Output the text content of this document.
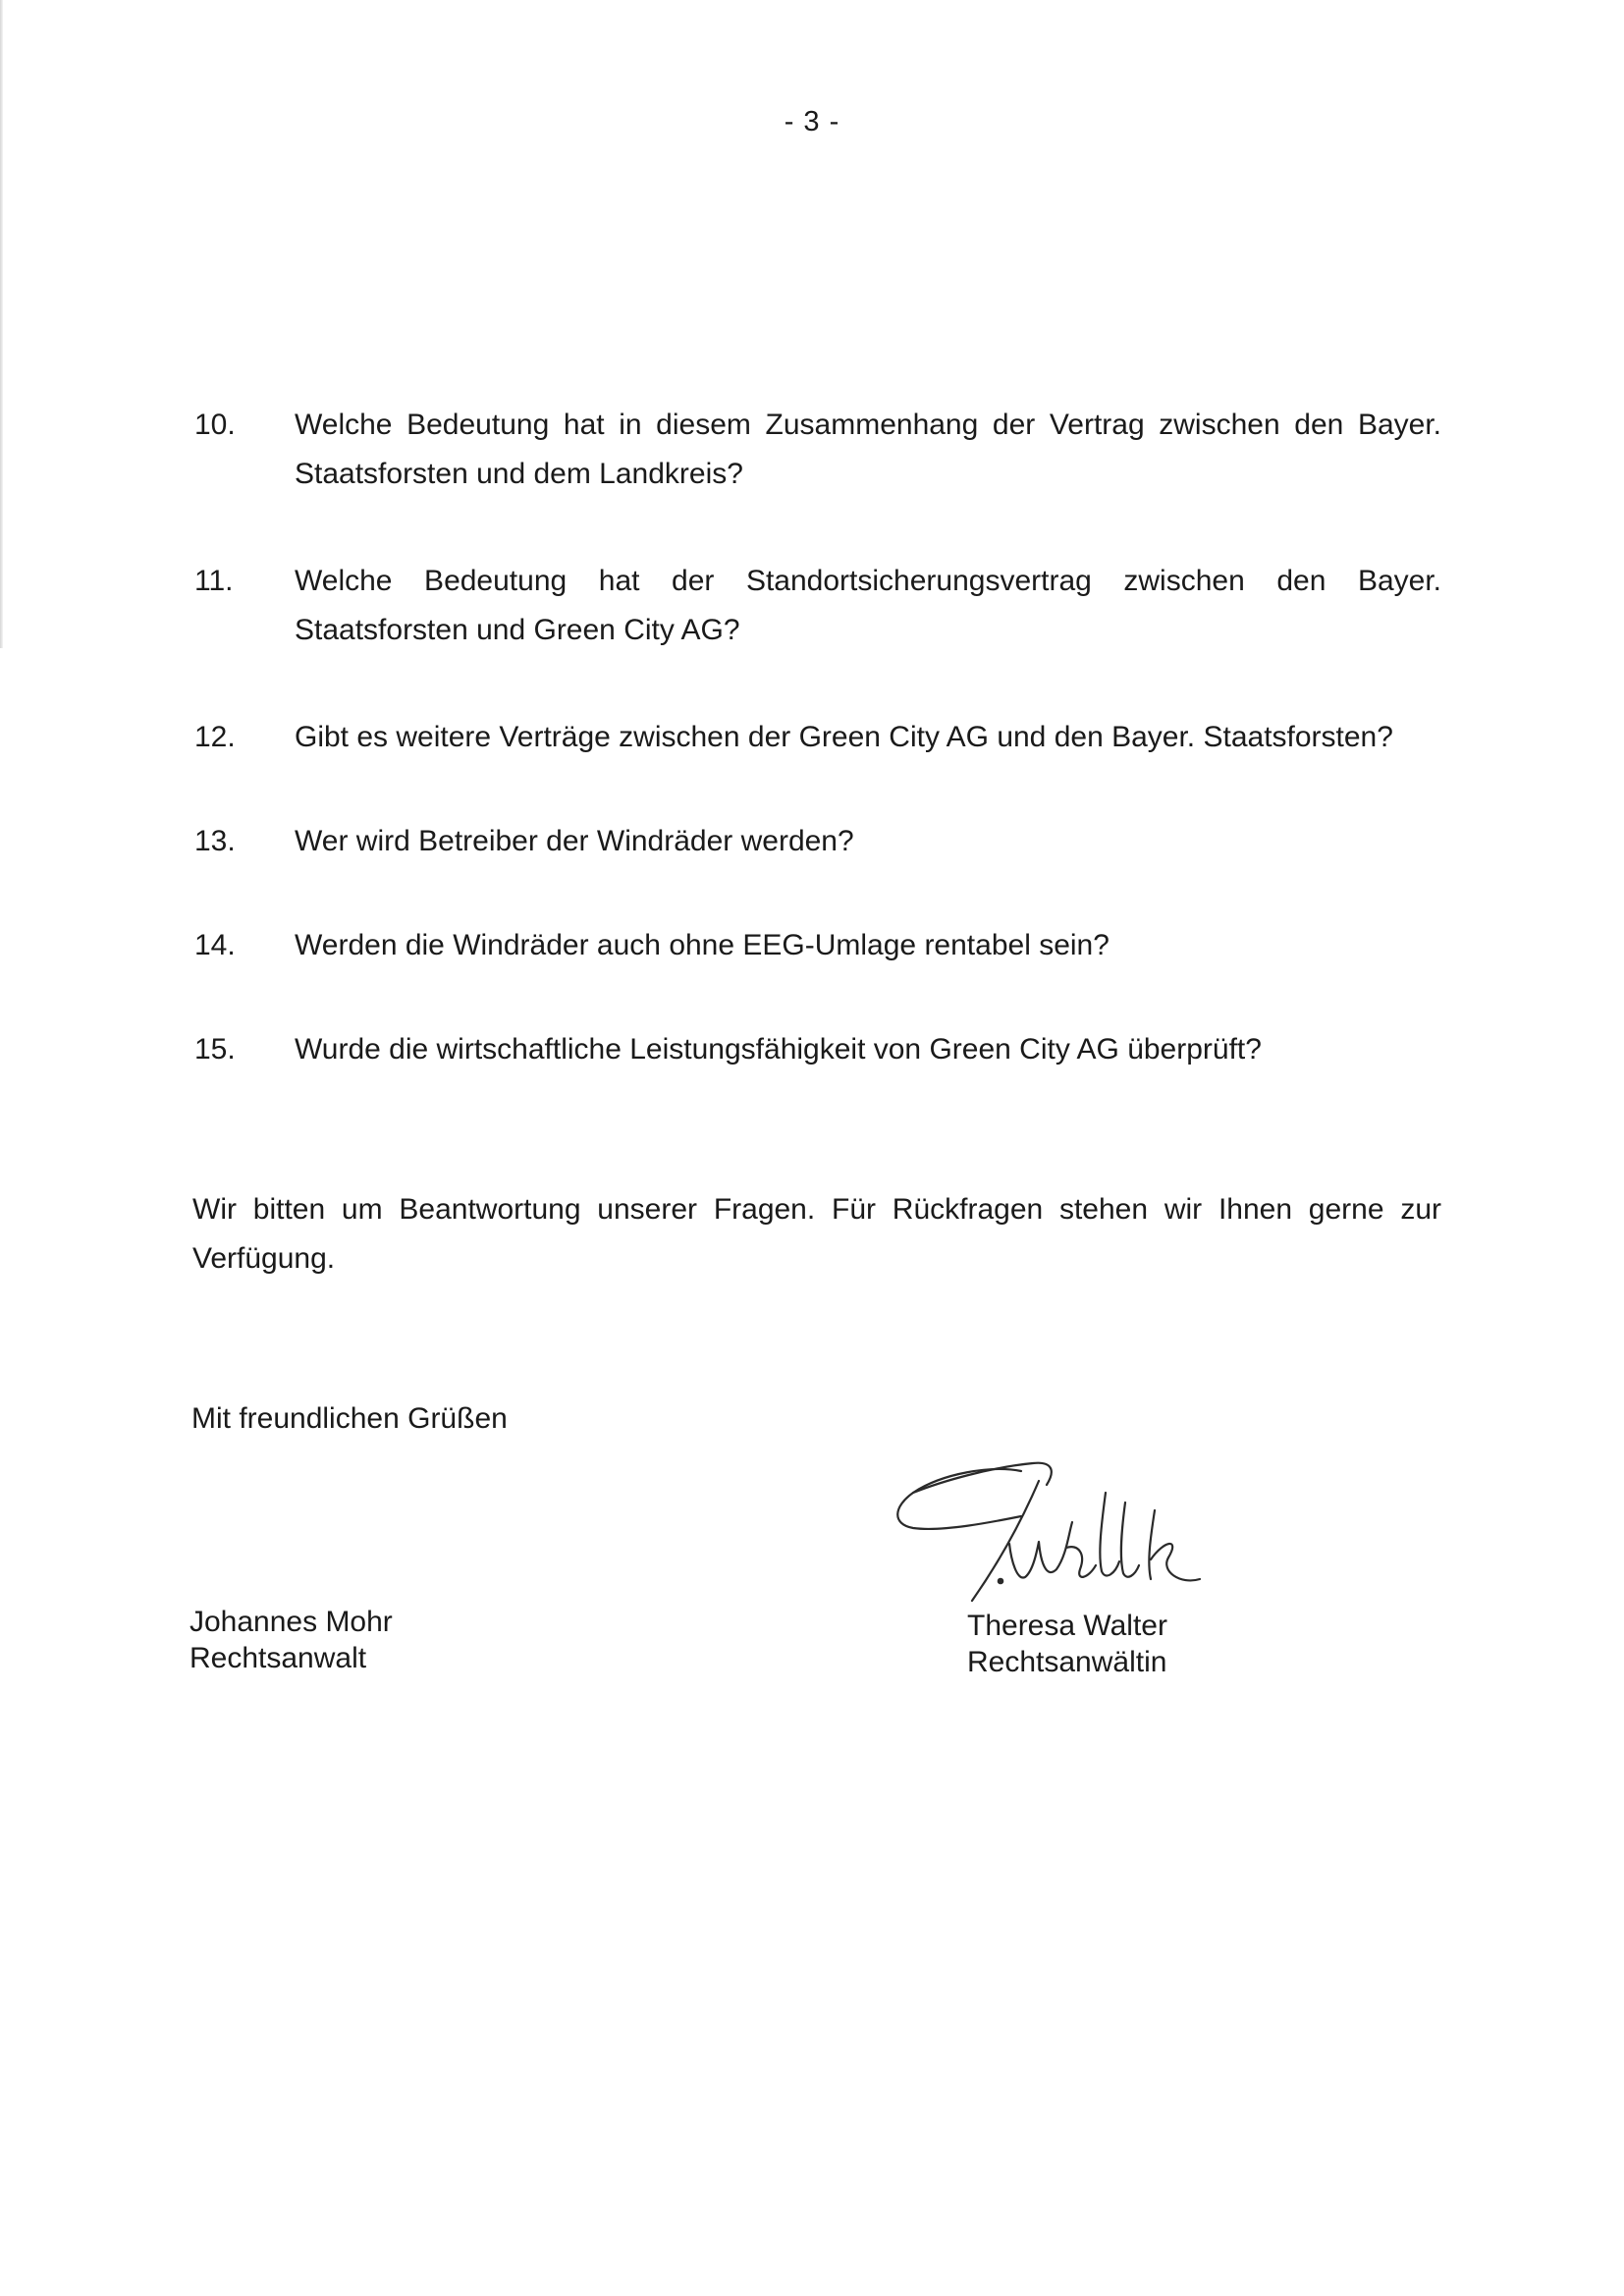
- 3 -
10.	Welche Bedeutung hat in diesem Zusammenhang der Vertrag zwischen den Bayer. Staatsforsten und dem Landkreis?
11.	Welche Bedeutung hat der Standortsicherungsvertrag zwischen den Bayer. Staatsforsten und Green City AG?
12.	Gibt es weitere Verträge zwischen der Green City AG und den Bayer. Staatsforsten?
13.	Wer wird Betreiber der Windräder werden?
14.	Werden die Windräder auch ohne EEG-Umlage rentabel sein?
15.	Wurde die wirtschaftliche Leistungsfähigkeit von Green City AG überprüft?
Wir bitten um Beantwortung unserer Fragen. Für Rückfragen stehen wir Ihnen gerne zur Verfügung.
Mit freundlichen Grüßen
Johannes Mohr
Rechtsanwalt
Theresa Walter
Rechtsanwältin
